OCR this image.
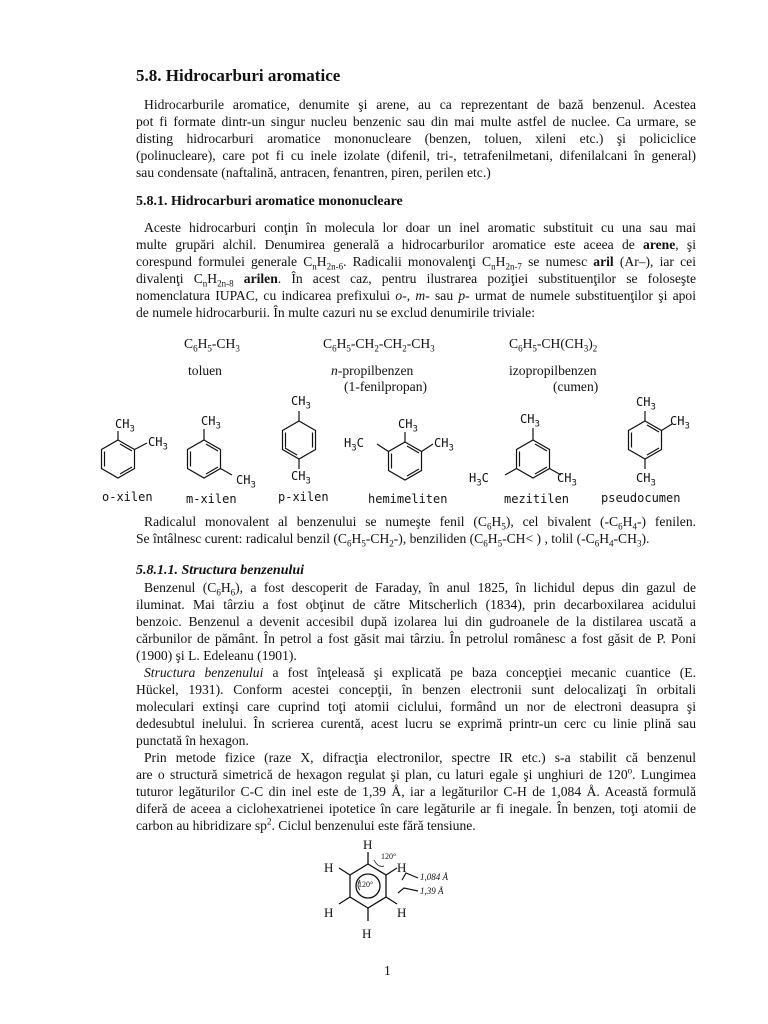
5.8. Hidrocarburi aromatice
Hidrocarburile aromatice, denumite şi arene, au ca reprezentant de bază benzenul. Acestea
pot fi formate dintr-un singur nucleu benzenic sau din mai multe astfel de nuclee. Ca urmare, se
disting hidrocarburi aromatice mononucleare (benzen, toluen, xileni etc.) şi policiclice
(polinucleare), care pot fi cu inele izolate (difenil, tri-, tetrafenilmetani, difenilalcani în general)
sau condensate (naftalină, antracen, fenantren, piren, perilen etc.)
5.8.1. Hidrocarburi aromatice mononucleare
Aceste hidrocarburi conţin în molecula lor doar un inel aromatic substituit cu una sau mai
multe grupări alchil. Denumirea generală a hidrocarburilor aromatice este aceea de arene, şi
corespund formulei generale $C_nH_{2n-6}$. Radicalii monovalenţi $C_nH_{2n-7}$ se numesc aril (Ar–), iar cei
divalenţi $C_nH_{2n-8}$ arilen. În acest caz, pentru ilustrarea poziţiei substituenţilor se foloseşte
nomenclatura IUPAC, cu indicarea prefixului o-, m- sau p- urmat de numele substituenţilor şi apoi
de numele hidrocarburii. În multe cazuri nu se exclud denumirile triviale:
$C_6H_5-CH_3$	$C_6H_5-CH_2-CH_2-CH_3$	$C_6H_5-CH(CH_3)_2$
toluen	n-propilbenzen
(1-fenilpropan)
izopropilbenzen
(cumen)
$CH_3$
$CH_3$
$CH_3$
$CH_3$
$CH_3$
$CH_3$
$CH_3$
$CH_3$
$H_3C$
$CH_3$
$H_3C$	$CH_3$
$CH_3$
$CH_3$
$CH_3$
o-xilen	m-xilen	p-xilen	hemimeliten	mezitilen	pseudocumen
Radicalul monovalent al benzenului se numeşte fenil $(C_6H_5)$, cel bivalent $(-C_6H_4-)$ fenilen.
Se întâlnesc curent: radicalul benzil $(C_6H_5-CH_2-)$, benziliden ($C_6H_5-CH<$ ) , tolil $(-C_6H_4-CH_3)$.
5.8.1.1. Structura benzenului
Benzenul $(C_6H_6)$, a fost descoperit de Faraday, în anul 1825, în lichidul depus din gazul de
iluminat. Mai târziu a fost obţinut de către Mitscherlich (1834), prin decarboxilarea acidului
benzoic. Benzenul a devenit accesibil după izolarea lui din gudroanele de la distilarea uscată a
cărbunilor de pământ. În petrol a fost găsit mai târziu. În petrolul românesc a fost găsit de P. Poni
(1900) şi L. Edeleanu (1901).
Structura benzenului a fost înţeleasă şi explicată pe baza concepţiei mecanic cuantice (E.
Hückel, 1931). Conform acestei concepţii, în benzen electronii sunt delocalizaţi în orbitali
moleculari extinşi care cuprind toţi atomii ciclului, formând un nor de electroni deasupra şi
dedesubtul inelului. În scrierea curentă, acest lucru se exprimă printr-un cerc cu linie plină sau
punctată în hexagon.
Prin metode fizice (raze X, difracţia electronilor, spectre IR etc.) s-a stabilit că benzenul
are o structură simetrică de hexagon regulat şi plan, cu laturi egale şi unghiuri de 120$^o$. Lungimea
tuturor legăturilor C-C din inel este de 1,39 Å, iar a legăturilor C-H de 1,084 Å. Această formulă
diferă de aceea a ciclohexatrienei ipotetice în care legăturile ar fi inegale. În benzen, toţi atomii de
carbon au hibridizare $sp^2$. Ciclul benzenului este fără tensiune.
H
H	H
H	H
H
120°
120°
1,084 Å
1,39 Å
1
